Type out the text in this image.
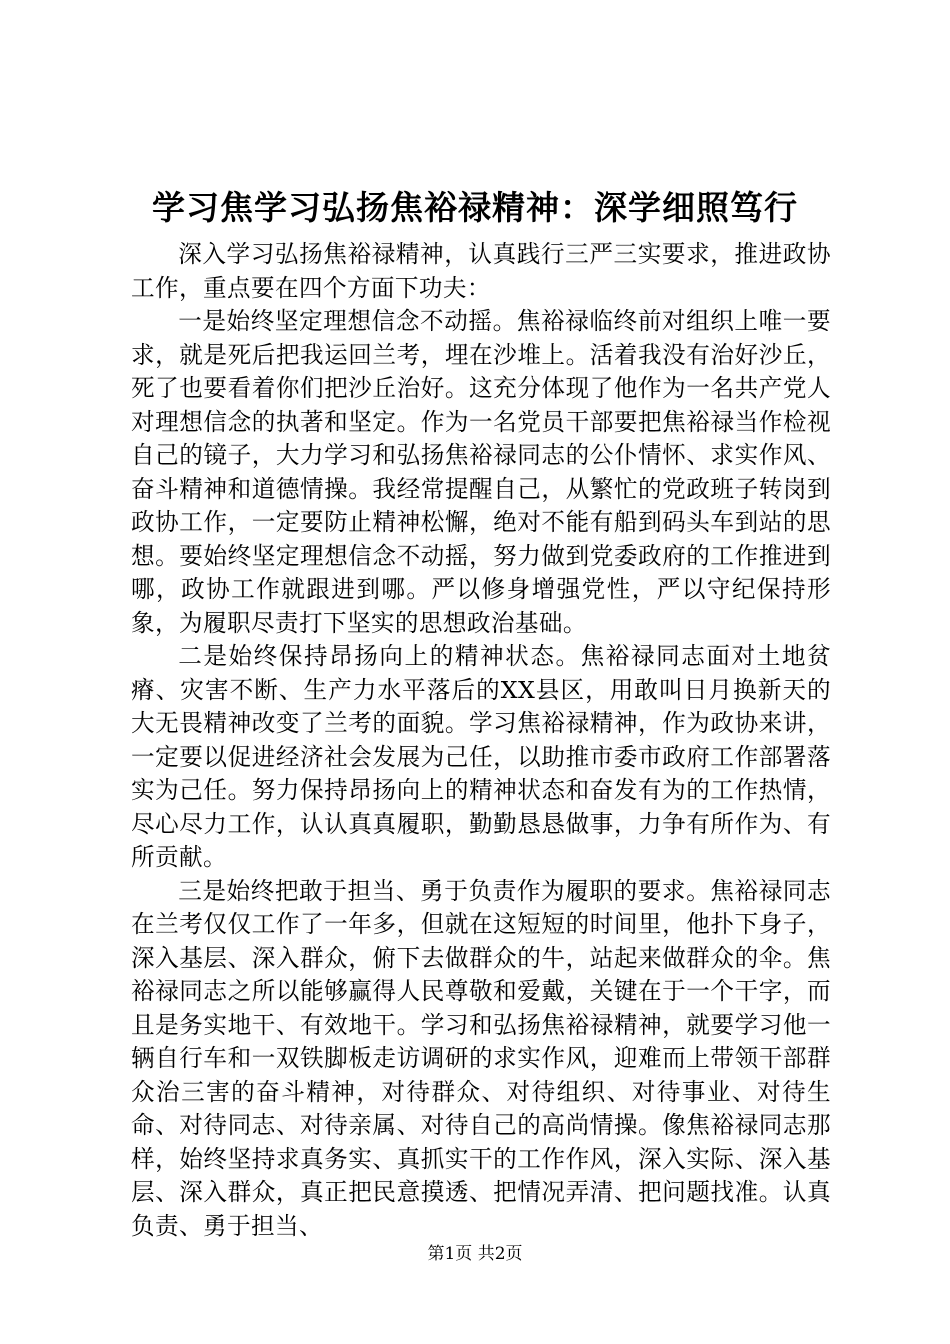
学习焦学习弘扬焦裕禄精神：深学细照笃行

深入学习弘扬焦裕禄精神，认真践行三严三实要求，推进政协工作，重点要在四个方面下功夫：

一是始终坚定理想信念不动摇。焦裕禄临终前对组织上唯一要求，就是死后把我运回兰考，埋在沙堆上。活着我没有治好沙丘，死了也要看着你们把沙丘治好。这充分体现了他作为一名共产党人对理想信念的执著和坚定。作为一名党员干部要把焦裕禄当作检视自己的镜子，大力学习和弘扬焦裕禄同志的公仆情怀、求实作风、奋斗精神和道德情操。我经常提醒自己，从繁忙的党政班子转岗到政协工作，一定要防止精神松懈，绝对不能有船到码头车到站的思想。要始终坚定理想信念不动摇，努力做到党委政府的工作推进到哪，政协工作就跟进到哪。严以修身增强党性，严以守纪保持形象，为履职尽责打下坚实的思想政治基础。

二是始终保持昂扬向上的精神状态。焦裕禄同志面对土地贫瘠、灾害不断、生产力水平落后的XX县区，用敢叫日月换新天的大无畏精神改变了兰考的面貌。学习焦裕禄精神，作为政协来讲，一定要以促进经济社会发展为己任，以助推市委市政府工作部署落实为己任。努力保持昂扬向上的精神状态和奋发有为的工作热情，尽心尽力工作，认认真真履职，勤勤恳恳做事，力争有所作为、有所贡献。

三是始终把敢于担当、勇于负责作为履职的要求。焦裕禄同志在兰考仅仅工作了一年多，但就在这短短的时间里，他扑下身子，深入基层、深入群众，俯下去做群众的牛，站起来做群众的伞。焦裕禄同志之所以能够赢得人民尊敬和爱戴，关键在于一个干字，而且是务实地干、有效地干。学习和弘扬焦裕禄精神，就要学习他一辆自行车和一双铁脚板走访调研的求实作风，迎难而上带领干部群众治三害的奋斗精神，对待群众、对待组织、对待事业、对待生命、对待同志、对待亲属、对待自己的高尚情操。像焦裕禄同志那样，始终坚持求真务实、真抓实干的工作作风，深入实际、深入基层、深入群众，真正把民意摸透、把情况弄清、把问题找准。认真负责、勇于担当、

第1页 共2页
